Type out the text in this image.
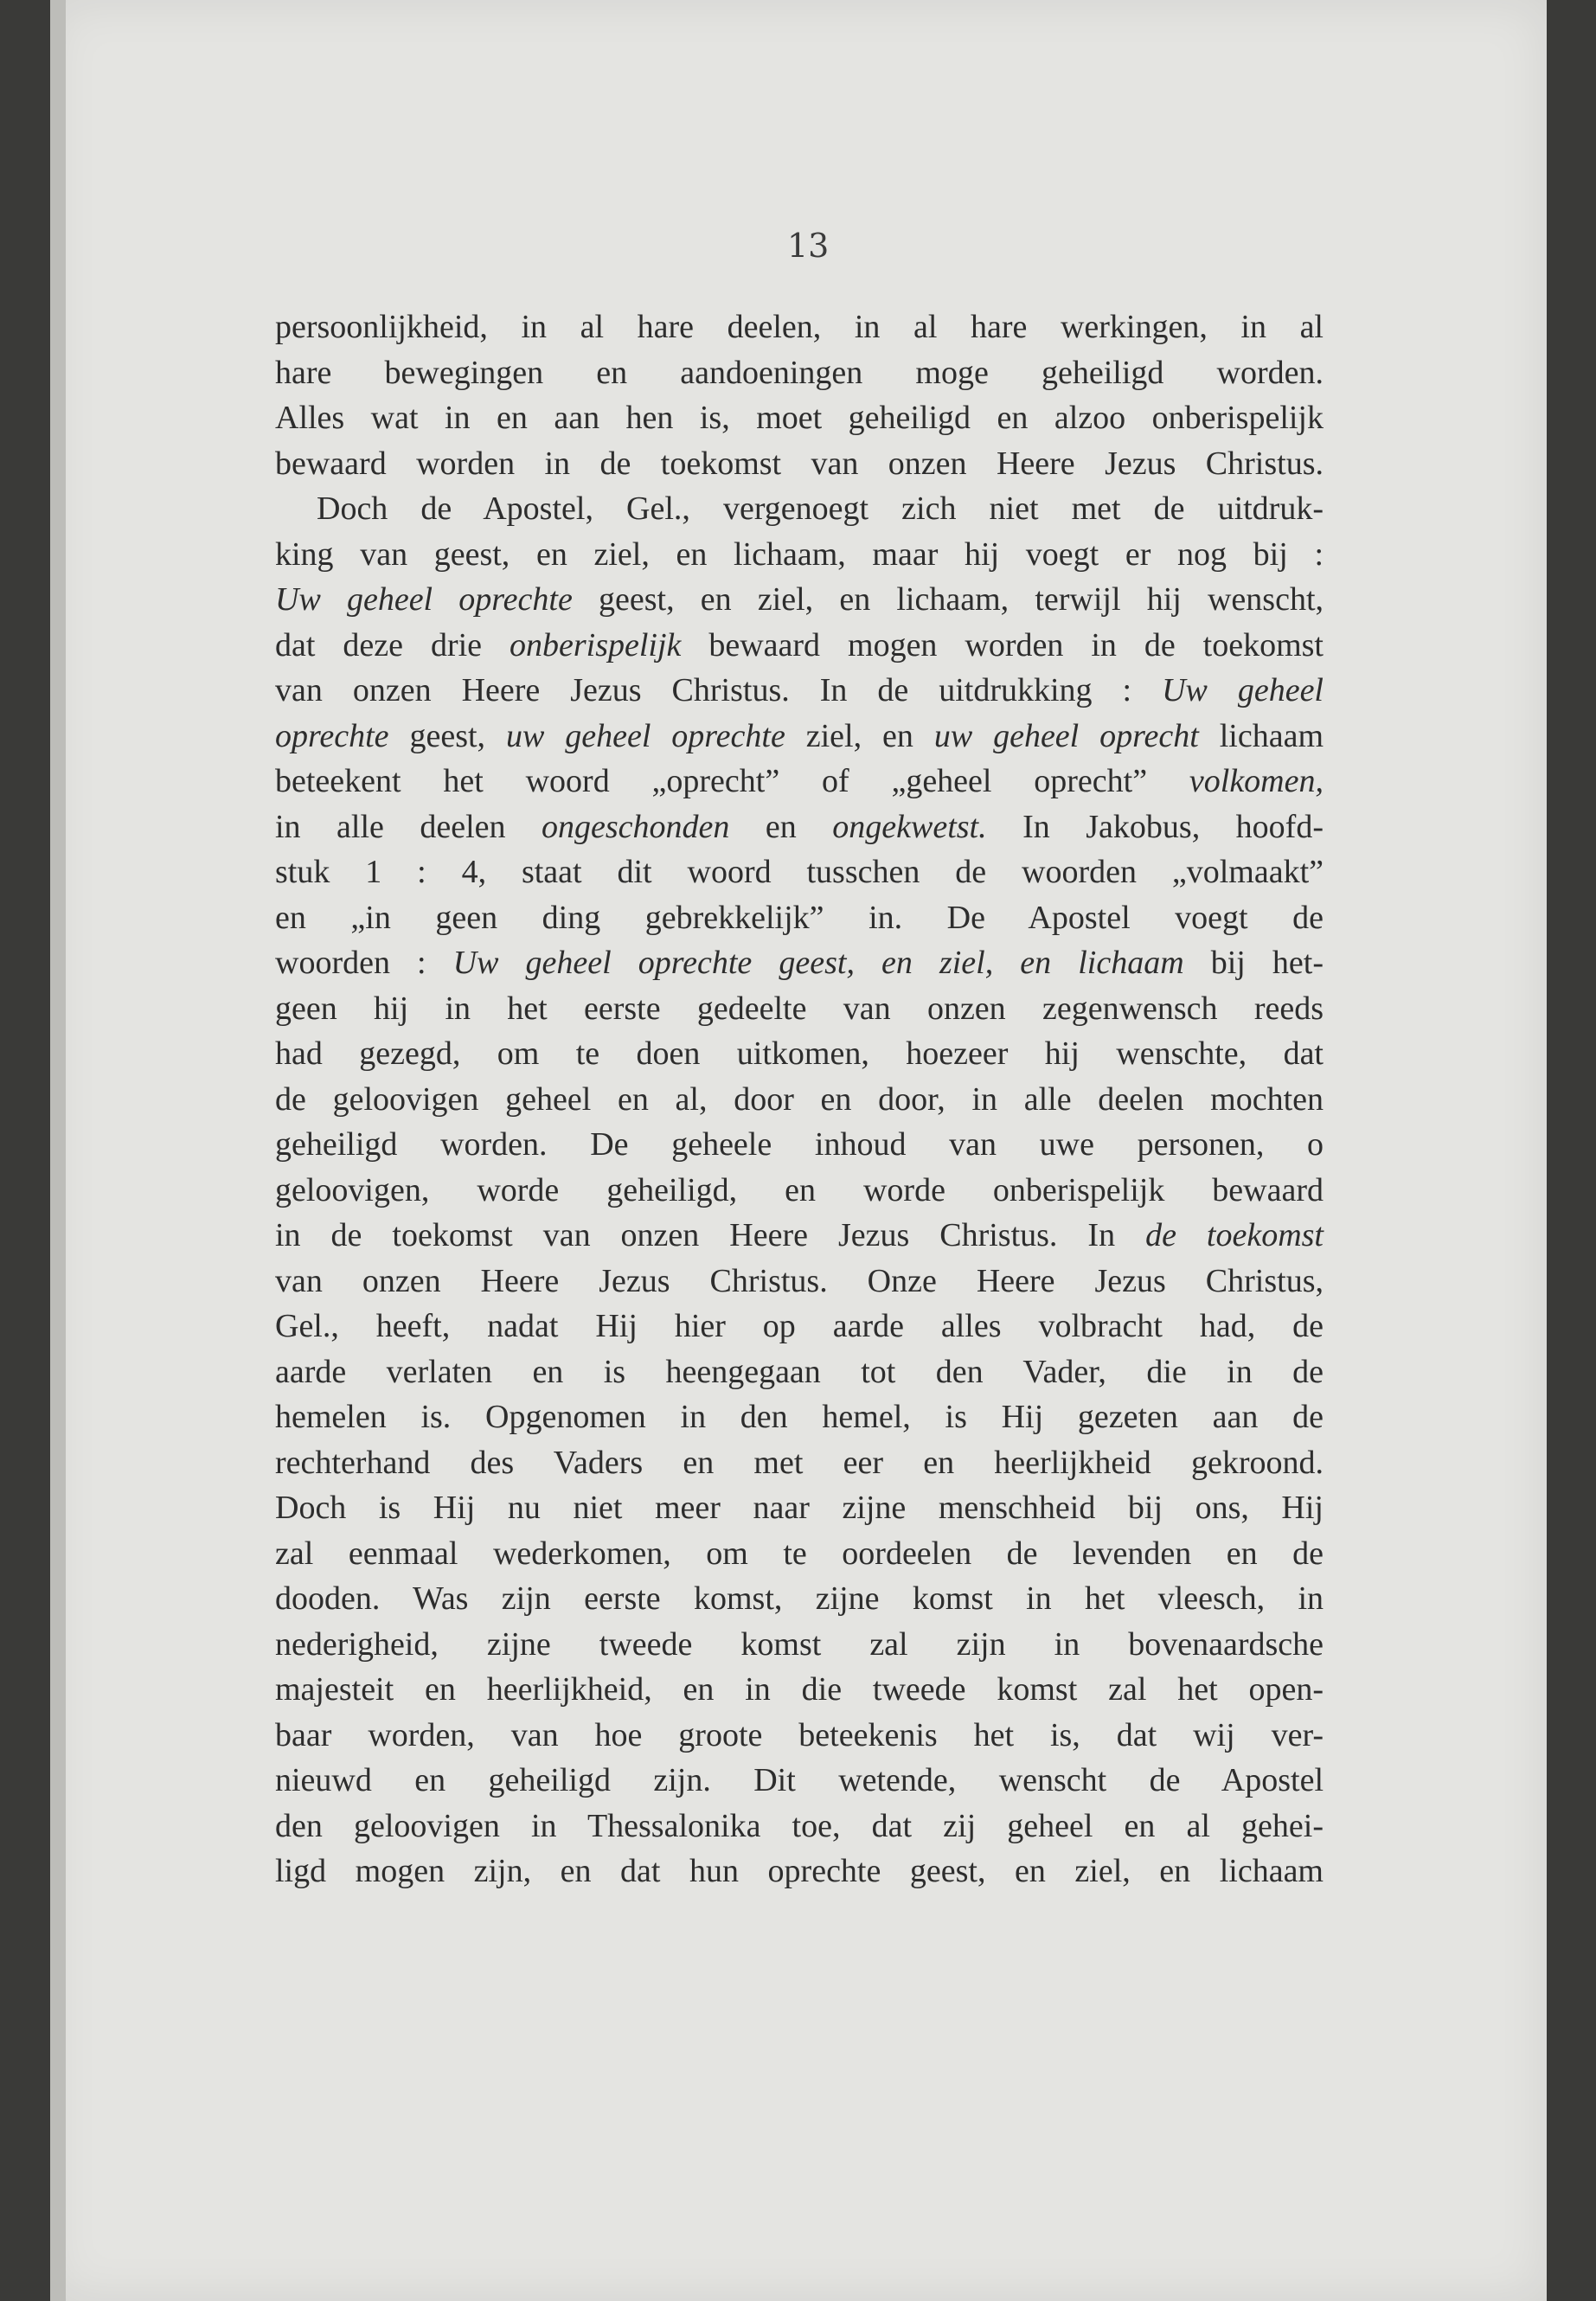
13
persoonlijkheid, in al hare deelen, in al hare werkingen, in al
hare bewegingen en aandoeningen moge geheiligd worden.
Alles wat in en aan hen is, moet geheiligd en alzoo onberispelijk
bewaard worden in de toekomst van onzen Heere Jezus Christus.
Doch de Apostel, Gel., vergenoegt zich niet met de uitdruk-
king van geest, en ziel, en lichaam, maar hij voegt er nog bij :
Uw geheel oprechte geest, en ziel, en lichaam, terwijl hij wenscht,
dat deze drie onberispelijk bewaard mogen worden in de toekomst
van onzen Heere Jezus Christus. In de uitdrukking : Uw geheel
oprechte geest, uw geheel oprechte ziel, en uw geheel oprecht lichaam
beteekent het woord „oprecht” of „geheel oprecht” volkomen,
in alle deelen ongeschonden en ongekwetst. In Jakobus, hoofd-
stuk 1 : 4, staat dit woord tusschen de woorden „volmaakt”
en „in geen ding gebrekkelijk” in. De Apostel voegt de
woorden : Uw geheel oprechte geest, en ziel, en lichaam bij het-
geen hij in het eerste gedeelte van onzen zegenwensch reeds
had gezegd, om te doen uitkomen, hoezeer hij wenschte, dat
de geloovigen geheel en al, door en door, in alle deelen mochten
geheiligd worden. De geheele inhoud van uwe personen, o
geloovigen, worde geheiligd, en worde onberispelijk bewaard
in de toekomst van onzen Heere Jezus Christus. In de toekomst
van onzen Heere Jezus Christus. Onze Heere Jezus Christus,
Gel., heeft, nadat Hij hier op aarde alles volbracht had, de
aarde verlaten en is heengegaan tot den Vader, die in de
hemelen is. Opgenomen in den hemel, is Hij gezeten aan de
rechterhand des Vaders en met eer en heerlijkheid gekroond.
Doch is Hij nu niet meer naar zijne menschheid bij ons, Hij
zal eenmaal wederkomen, om te oordeelen de levenden en de
dooden. Was zijn eerste komst, zijne komst in het vleesch, in
nederigheid, zijne tweede komst zal zijn in bovenaardsche
majesteit en heerlijkheid, en in die tweede komst zal het open-
baar worden, van hoe groote beteekenis het is, dat wij ver-
nieuwd en geheiligd zijn. Dit wetende, wenscht de Apostel
den geloovigen in Thessalonika toe, dat zij geheel en al gehei-
ligd mogen zijn, en dat hun oprechte geest, en ziel, en lichaam
